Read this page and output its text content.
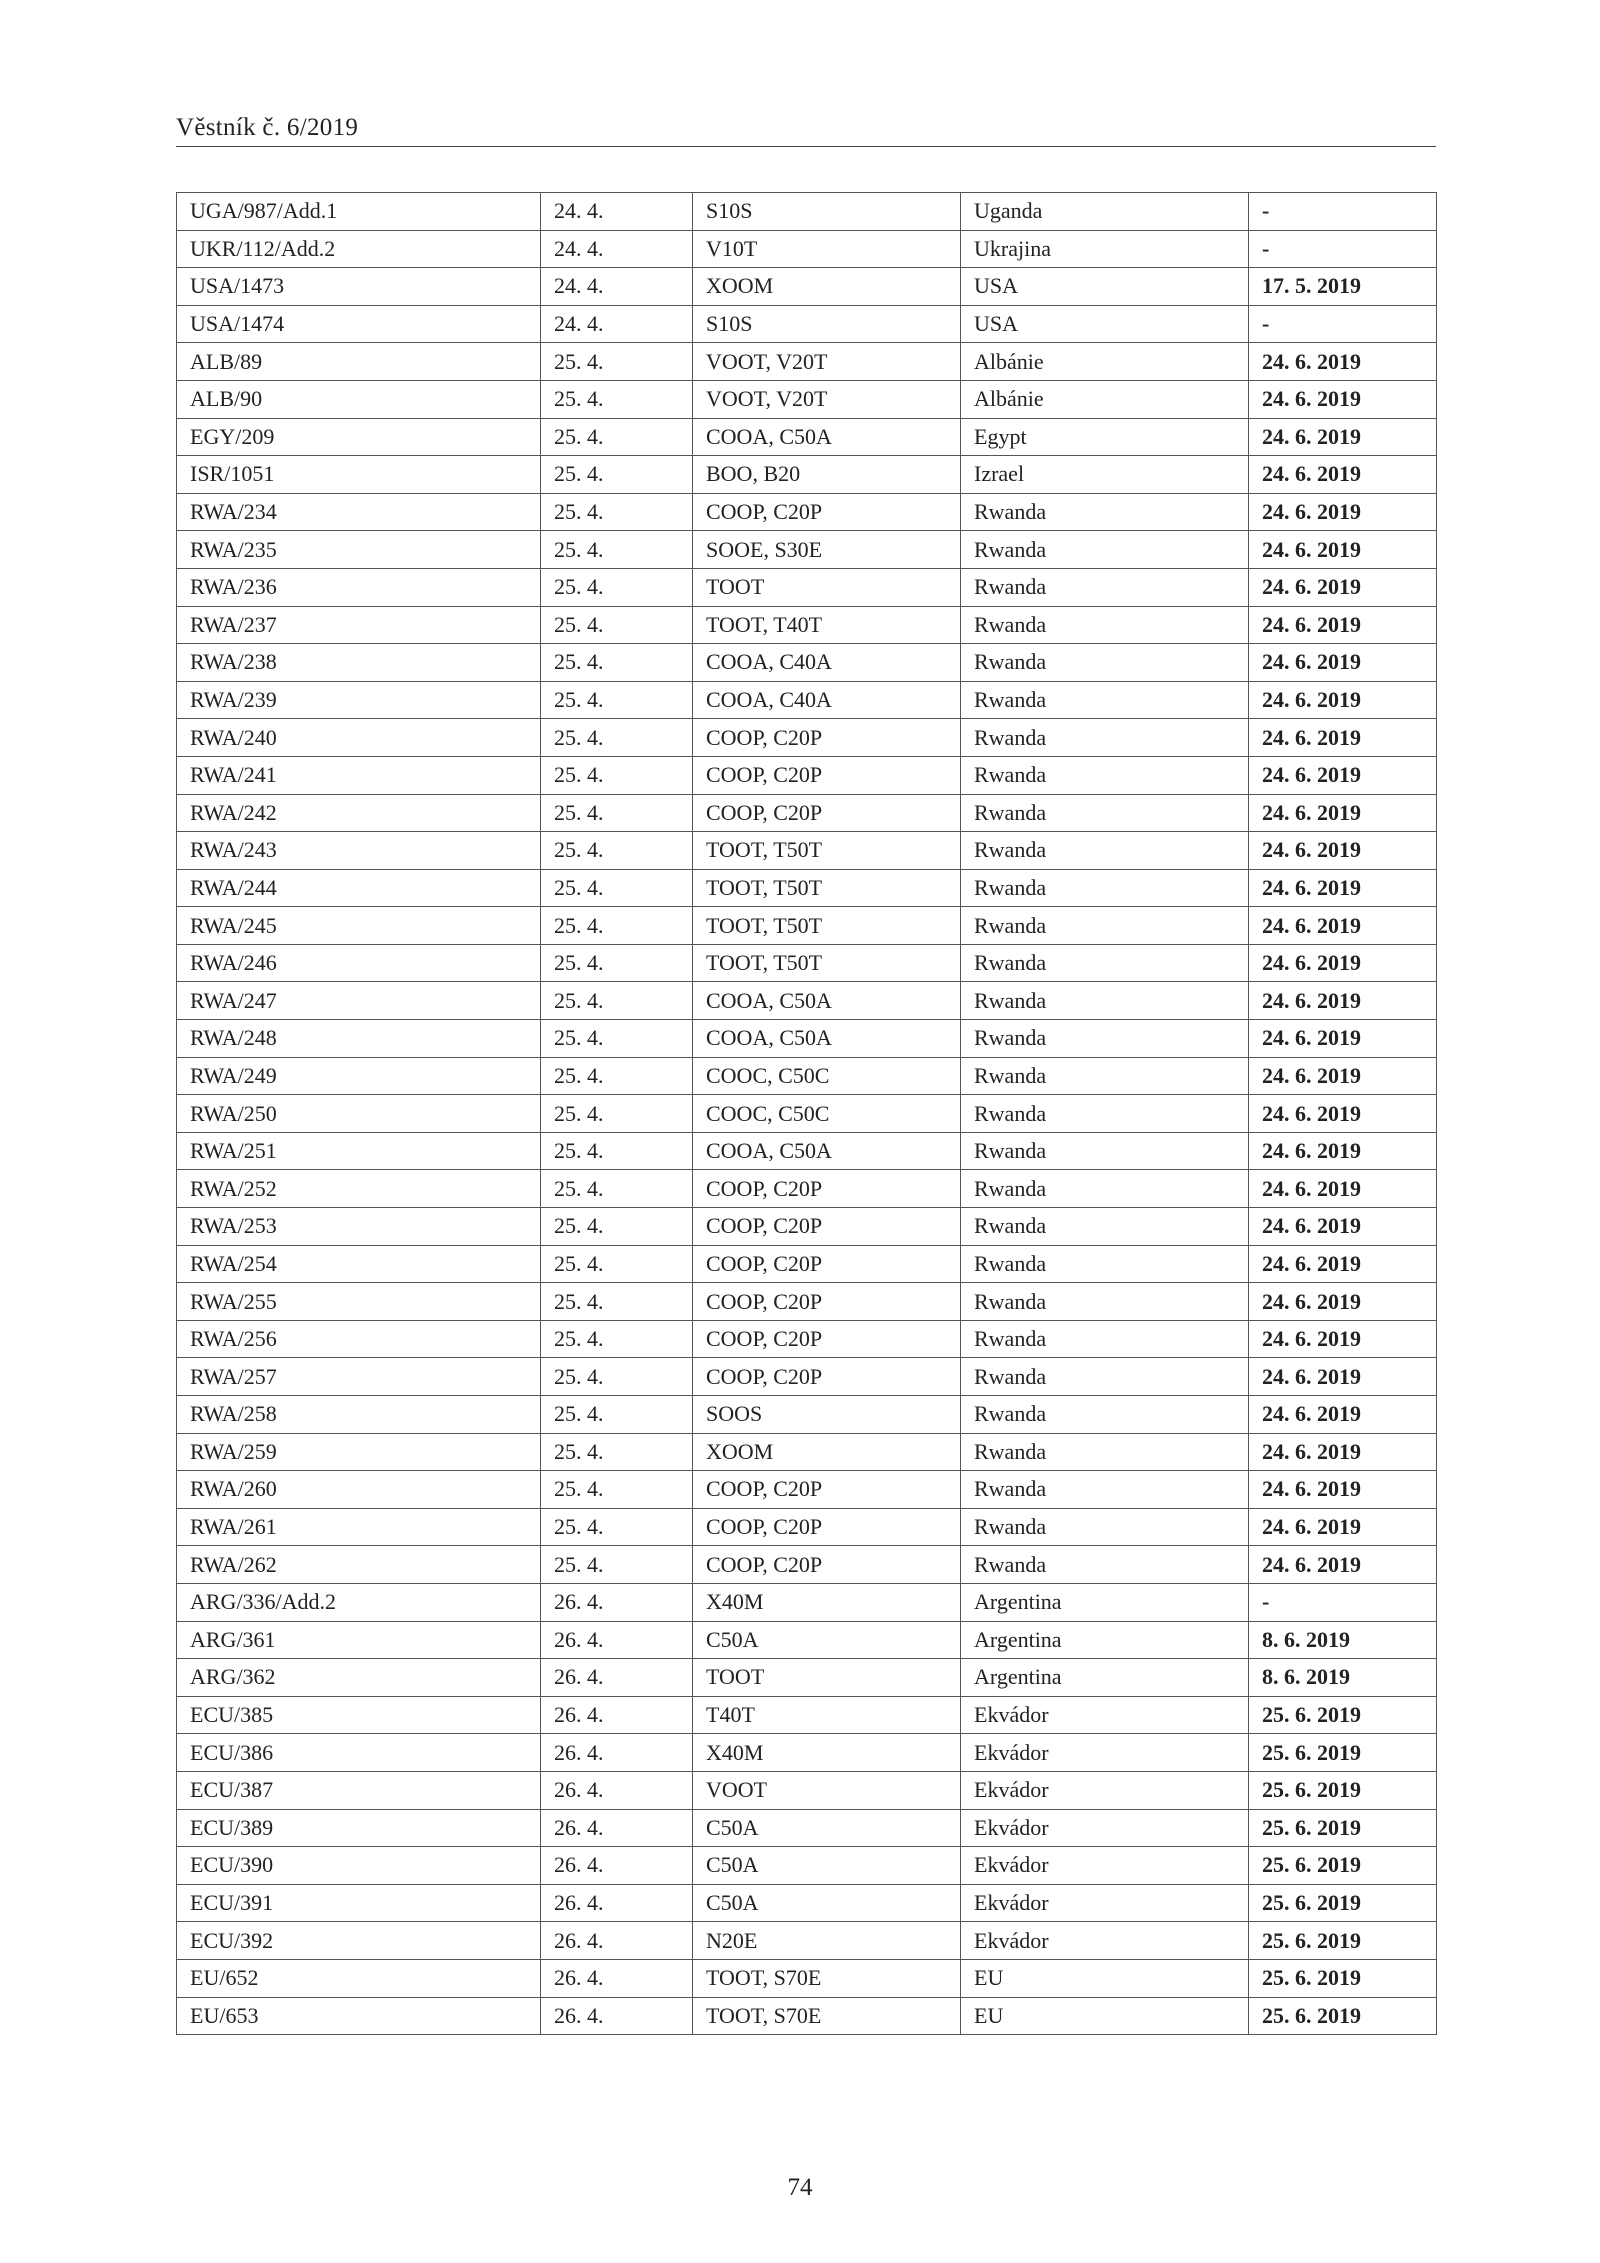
Věstník č. 6/2019
UGA/987/Add.1	24. 4.	S10S	Uganda	-
UKR/112/Add.2	24. 4.	V10T	Ukrajina	-
USA/1473	24. 4.	XOOM	USA	17. 5. 2019
USA/1474	24. 4.	S10S	USA	-
ALB/89	25. 4.	VOOT, V20T	Albánie	24. 6. 2019
ALB/90	25. 4.	VOOT, V20T	Albánie	24. 6. 2019
EGY/209	25. 4.	COOA, C50A	Egypt	24. 6. 2019
ISR/1051	25. 4.	BOO, B20	Izrael	24. 6. 2019
RWA/234	25. 4.	COOP, C20P	Rwanda	24. 6. 2019
RWA/235	25. 4.	SOOE, S30E	Rwanda	24. 6. 2019
RWA/236	25. 4.	TOOT	Rwanda	24. 6. 2019
RWA/237	25. 4.	TOOT, T40T	Rwanda	24. 6. 2019
RWA/238	25. 4.	COOA, C40A	Rwanda	24. 6. 2019
RWA/239	25. 4.	COOA, C40A	Rwanda	24. 6. 2019
RWA/240	25. 4.	COOP, C20P	Rwanda	24. 6. 2019
RWA/241	25. 4.	COOP, C20P	Rwanda	24. 6. 2019
RWA/242	25. 4.	COOP, C20P	Rwanda	24. 6. 2019
RWA/243	25. 4.	TOOT, T50T	Rwanda	24. 6. 2019
RWA/244	25. 4.	TOOT, T50T	Rwanda	24. 6. 2019
RWA/245	25. 4.	TOOT, T50T	Rwanda	24. 6. 2019
RWA/246	25. 4.	TOOT, T50T	Rwanda	24. 6. 2019
RWA/247	25. 4.	COOA, C50A	Rwanda	24. 6. 2019
RWA/248	25. 4.	COOA, C50A	Rwanda	24. 6. 2019
RWA/249	25. 4.	COOC, C50C	Rwanda	24. 6. 2019
RWA/250	25. 4.	COOC, C50C	Rwanda	24. 6. 2019
RWA/251	25. 4.	COOA, C50A	Rwanda	24. 6. 2019
RWA/252	25. 4.	COOP, C20P	Rwanda	24. 6. 2019
RWA/253	25. 4.	COOP, C20P	Rwanda	24. 6. 2019
RWA/254	25. 4.	COOP, C20P	Rwanda	24. 6. 2019
RWA/255	25. 4.	COOP, C20P	Rwanda	24. 6. 2019
RWA/256	25. 4.	COOP, C20P	Rwanda	24. 6. 2019
RWA/257	25. 4.	COOP, C20P	Rwanda	24. 6. 2019
RWA/258	25. 4.	SOOS	Rwanda	24. 6. 2019
RWA/259	25. 4.	XOOM	Rwanda	24. 6. 2019
RWA/260	25. 4.	COOP, C20P	Rwanda	24. 6. 2019
RWA/261	25. 4.	COOP, C20P	Rwanda	24. 6. 2019
RWA/262	25. 4.	COOP, C20P	Rwanda	24. 6. 2019
ARG/336/Add.2	26. 4.	X40M	Argentina	-
ARG/361	26. 4.	C50A	Argentina	8. 6. 2019
ARG/362	26. 4.	TOOT	Argentina	8. 6. 2019
ECU/385	26. 4.	T40T	Ekvádor	25. 6. 2019
ECU/386	26. 4.	X40M	Ekvádor	25. 6. 2019
ECU/387	26. 4.	VOOT	Ekvádor	25. 6. 2019
ECU/389	26. 4.	C50A	Ekvádor	25. 6. 2019
ECU/390	26. 4.	C50A	Ekvádor	25. 6. 2019
ECU/391	26. 4.	C50A	Ekvádor	25. 6. 2019
ECU/392	26. 4.	N20E	Ekvádor	25. 6. 2019
EU/652	26. 4.	TOOT, S70E	EU	25. 6. 2019
EU/653	26. 4.	TOOT, S70E	EU	25. 6. 2019
74
